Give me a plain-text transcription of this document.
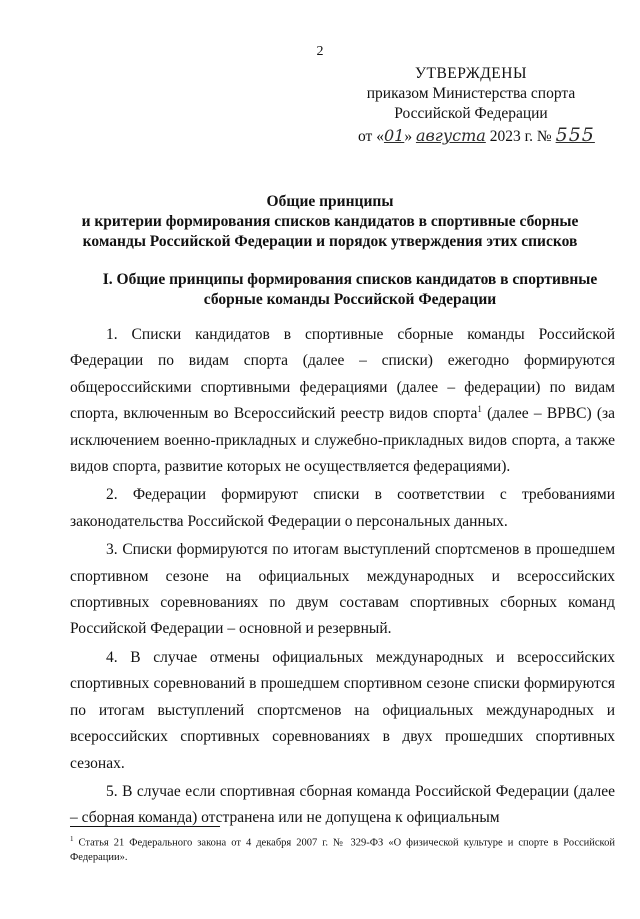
2
УТВЕРЖДЕНЫ
приказом Министерства спорта
Российской Федерации
от «01» августа 2023 г. № 555
Общие принципы
и критерии формирования списков кандидатов в спортивные сборные
команды Российской Федерации и порядок утверждения этих списков
I. Общие принципы формирования списков кандидатов в спортивные
сборные команды Российской Федерации

1. Списки кандидатов в спортивные сборные команды Российской Федерации по видам спорта (далее – списки) ежегодно формируются общероссийскими спортивными федерациями (далее – федерации) по видам спорта, включенным во Всероссийский реестр видов спорта$^1$ (далее – ВРВС) (за исключением военно-прикладных и служебно-прикладных видов спорта, а также видов спорта, развитие которых не осуществляется федерациями).

2. Федерации формируют списки в соответствии с требованиями законодательства Российской Федерации о персональных данных.

3. Списки формируются по итогам выступлений спортсменов в прошедшем спортивном сезоне на официальных международных и всероссийских спортивных соревнованиях по двум составам спортивных сборных команд Российской Федерации – основной и резервный.

4. В случае отмены официальных международных и всероссийских спортивных соревнований в прошедшем спортивном сезоне списки формируются по итогам выступлений спортсменов на официальных международных и всероссийских спортивных соревнованиях в двух прошедших спортивных сезонах.

5. В случае если спортивная сборная команда Российской Федерации (далее – сборная команда) отстранена или не допущена к официальным

$^1$ Статья 21 Федерального закона от 4 декабря 2007 г. № 329-ФЗ «О физической культуре и спорте в Российской Федерации».
